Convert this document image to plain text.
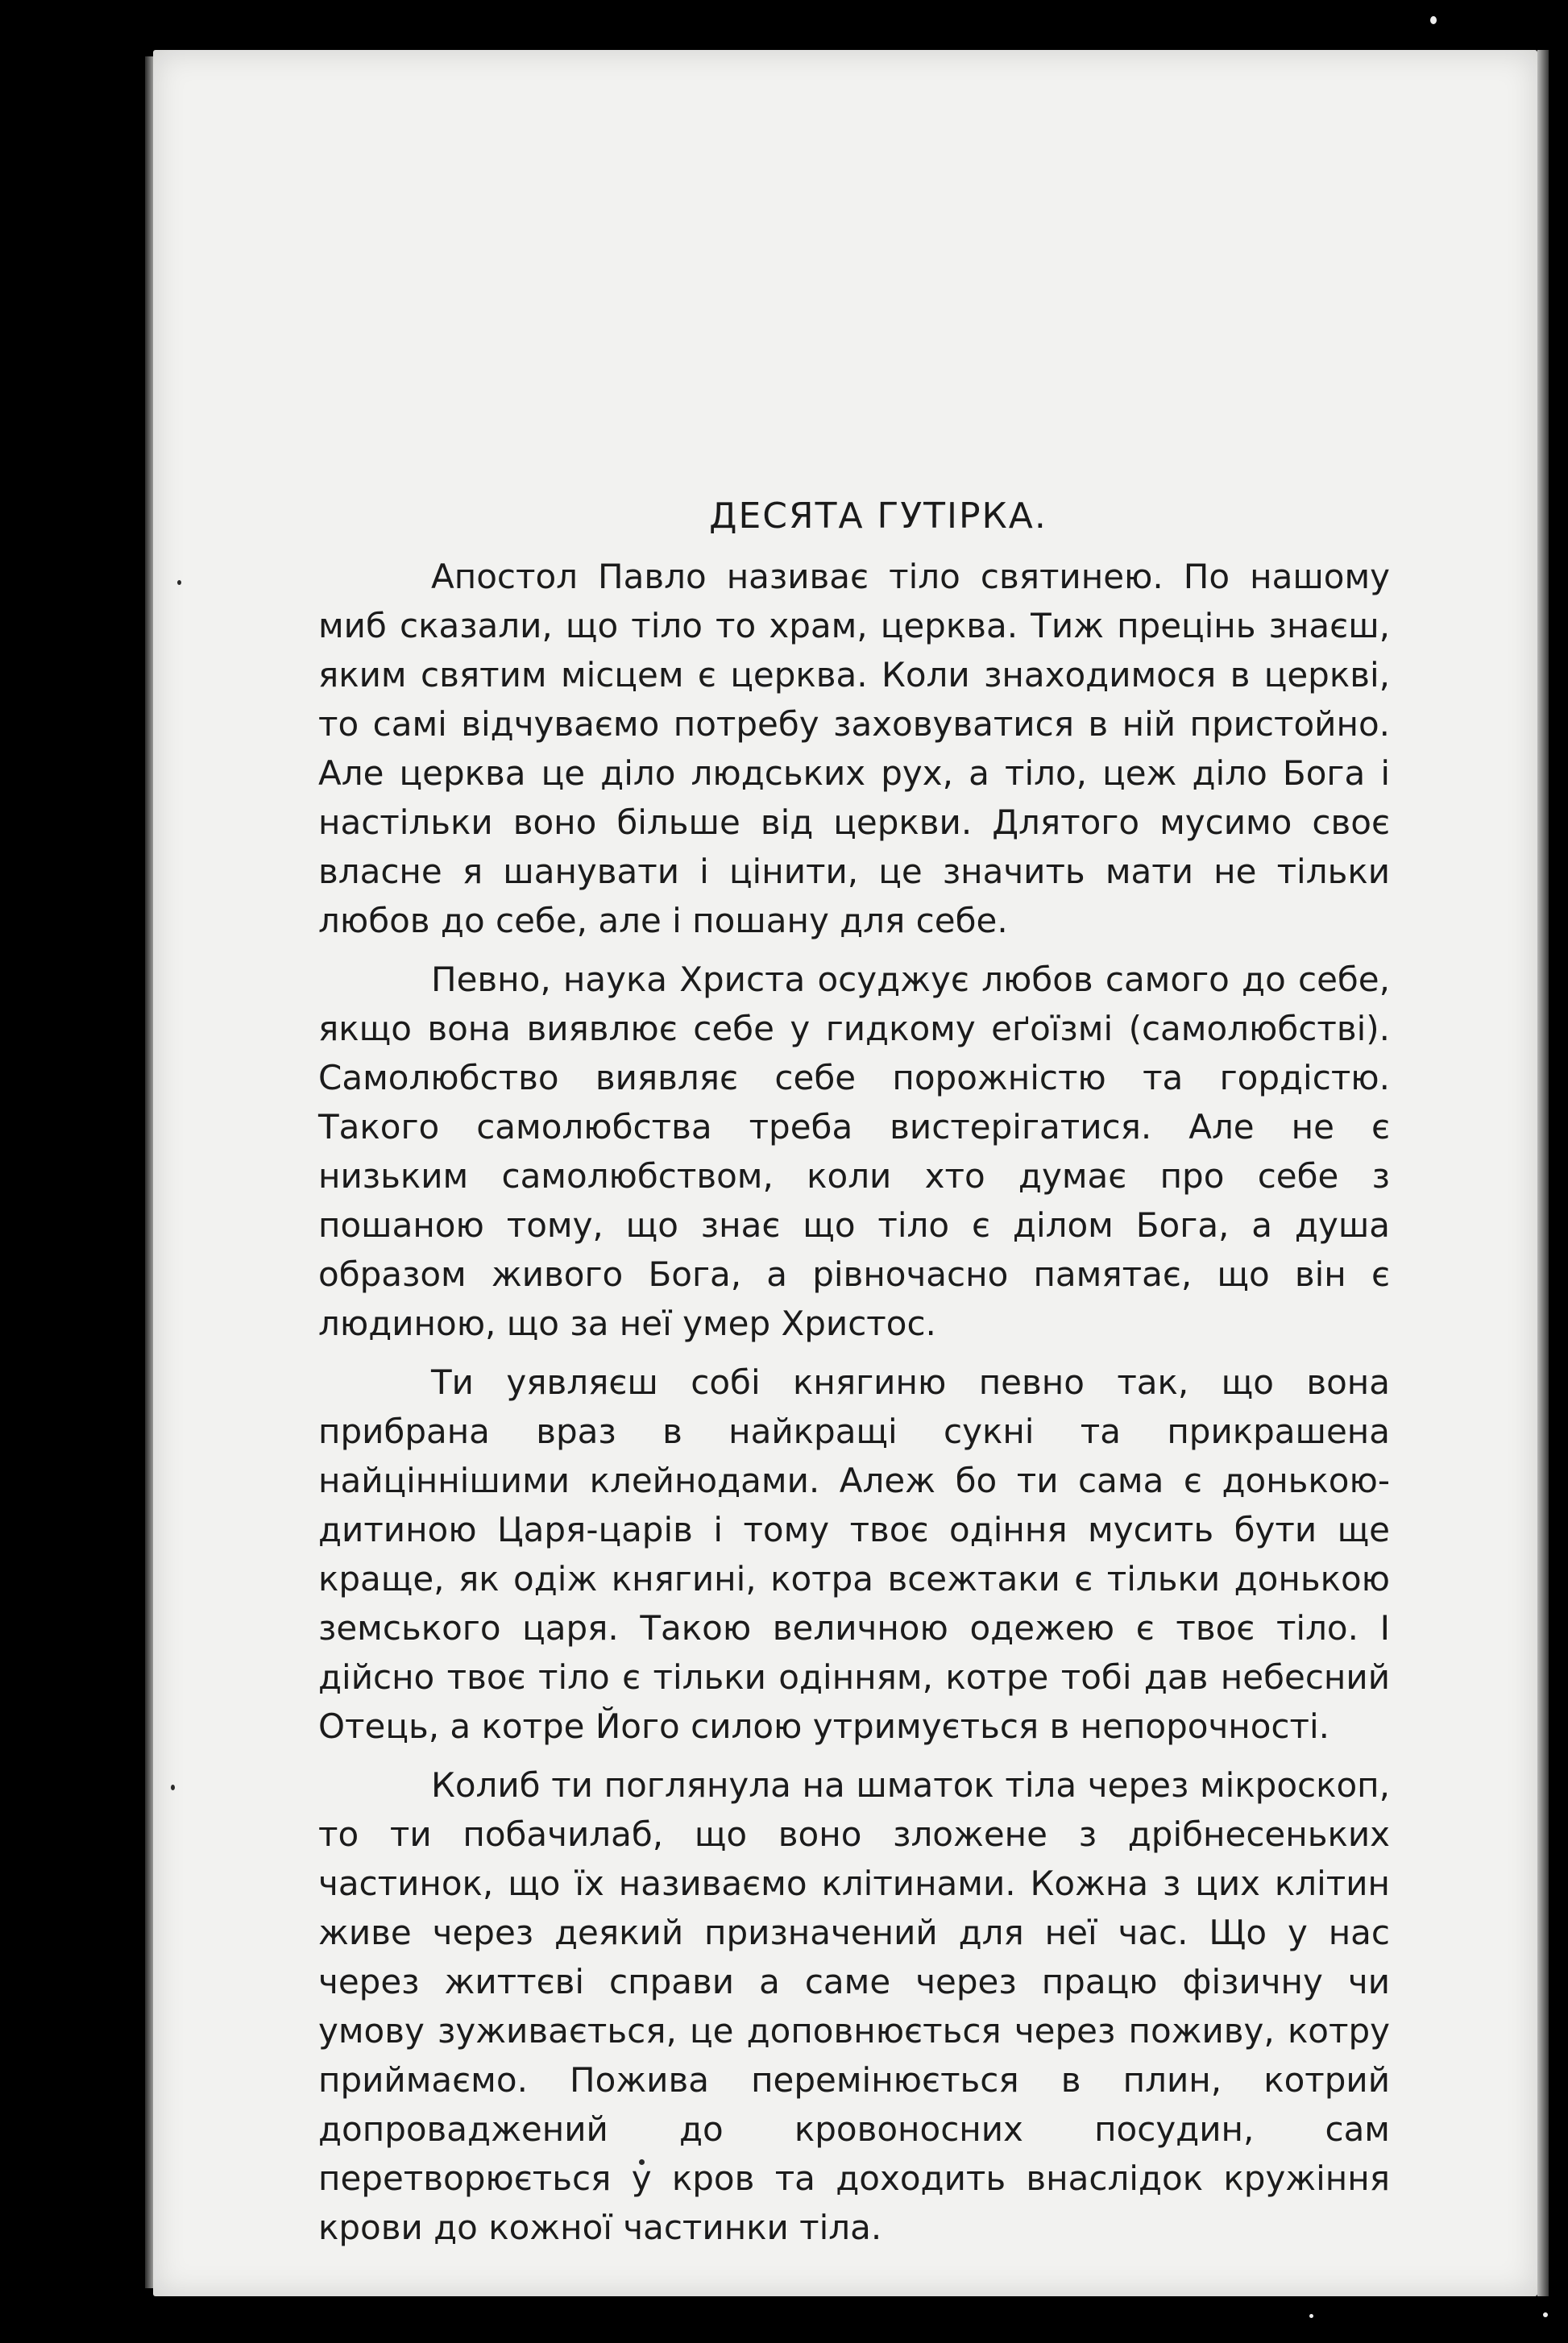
ДЕСЯТА ГУТІРКА.

Апостол Павло називає тіло святинею. По нашому миб сказали, що тіло то храм, церква. Тиж прецінь знаєш, яким святим місцем є церква. Коли знаходимося в церкві, то самі відчуваємо потребу заховуватися в ній пристойно. Але церква це діло людських рух, а тіло, цеж діло Бога і настільки воно більше від церкви. Длятого мусимо своє власне я шанувати і цінити, це значить мати не тільки любов до себе, але і пошану для себе.

Певно, наука Христа осуджує любов самого до себе, якщо вона виявлює себе у гидкому еґоїзмі (самолюбстві). Самолюбство виявляє себе порожністю та гордістю. Такого самолюбства треба вистерігатися. Але не є низьким самолюбством, коли хто думає про себе з пошаною тому, що знає що тіло є ділом Бога, а душа образом живого Бога, а рівночасно памятає, що він є людиною, що за неї умер Христос.

Ти уявляєш собі княгиню певно так, що вона прибрана враз в найкращі сукні та прикрашена найціннішими клейнодами. Алеж бо ти сама є донькою- дитиною Царя-царів і тому твоє одіння мусить бути ще краще, як одіж княгині, котра всежтаки є тільки донькою земського царя. Такою величною одежею є твоє тіло. І дійсно твоє тіло є тільки одінням, котре тобі дав небесний Отець, а котре Його силою утримується в непорочності.

Колиб ти поглянула на шматок тіла через мікроскоп, то ти побачилаб, що воно зложене з дрібнесеньких частинок, що їх називаємо клітинами. Кожна з цих клітин живе через деякий призначений для неї час. Що у нас через життєві справи а саме через працю фізичну чи умову зуживається, це доповнюється через поживу, котру приймаємо. Пожива перемінюється в плин, котрий допроваджений до кровоносних посудин, сам перетворюється у кров та доходить внаслідок кружіння крови до кожної частинки тіла.
